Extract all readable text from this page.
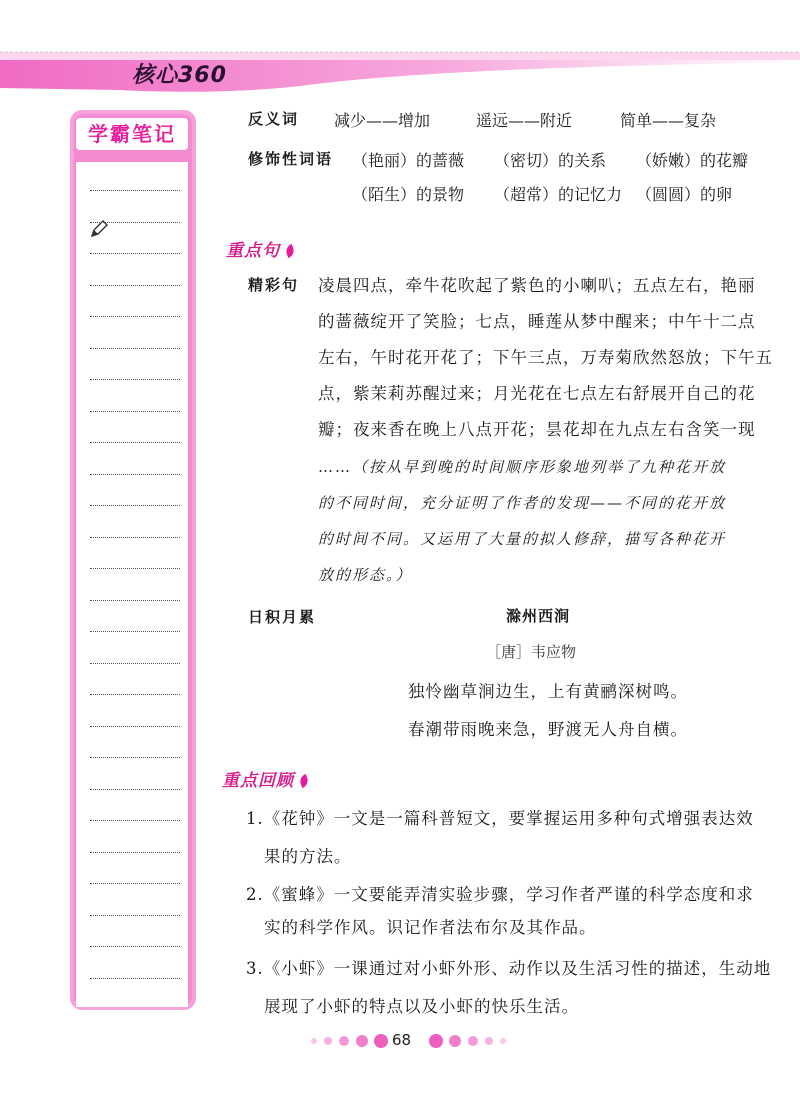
核心360
学霸笔记
反义词 减少——增加	遥远——附近	简单——复杂
修饰性词语 （艳丽）的蔷薇 （密切）的关系 （娇嫩）的花瓣
（陌生）的景物 （超常）的记忆力 （圆圆）的卵
重点句
精彩句 凌晨四点，牵牛花吹起了紫色的小喇叭；五点左右，艳丽
的蔷薇绽开了笑脸；七点，睡莲从梦中醒来；中午十二点
左右，午时花开花了；下午三点，万寿菊欣然怒放；下午五
点，紫茉莉苏醒过来；月光花在七点左右舒展开自己的花
瓣；夜来香在晚上八点开花；昙花却在九点左右含笑一现
……（按从早到晚的时间顺序形象地列举了九种花开放
的不同时间，充分证明了作者的发现——不同的花开放
的时间不同。又运用了大量的拟人修辞，描写各种花开
放的形态。）
日积月累	滁州西涧
［唐］韦应物
独怜幽草涧边生，上有黄鹂深树鸣。
春潮带雨晚来急，野渡无人舟自横。
重点回顾
1.《花钟》一文是一篇科普短文，要掌握运用多种句式增强表达效
果的方法。
2.《蜜蜂》一文要能弄清实验步骤，学习作者严谨的科学态度和求
实的科学作风。识记作者法布尔及其作品。
3.《小虾》一课通过对小虾外形、动作以及生活习性的描述，生动地
展现了小虾的特点以及小虾的快乐生活。
68
